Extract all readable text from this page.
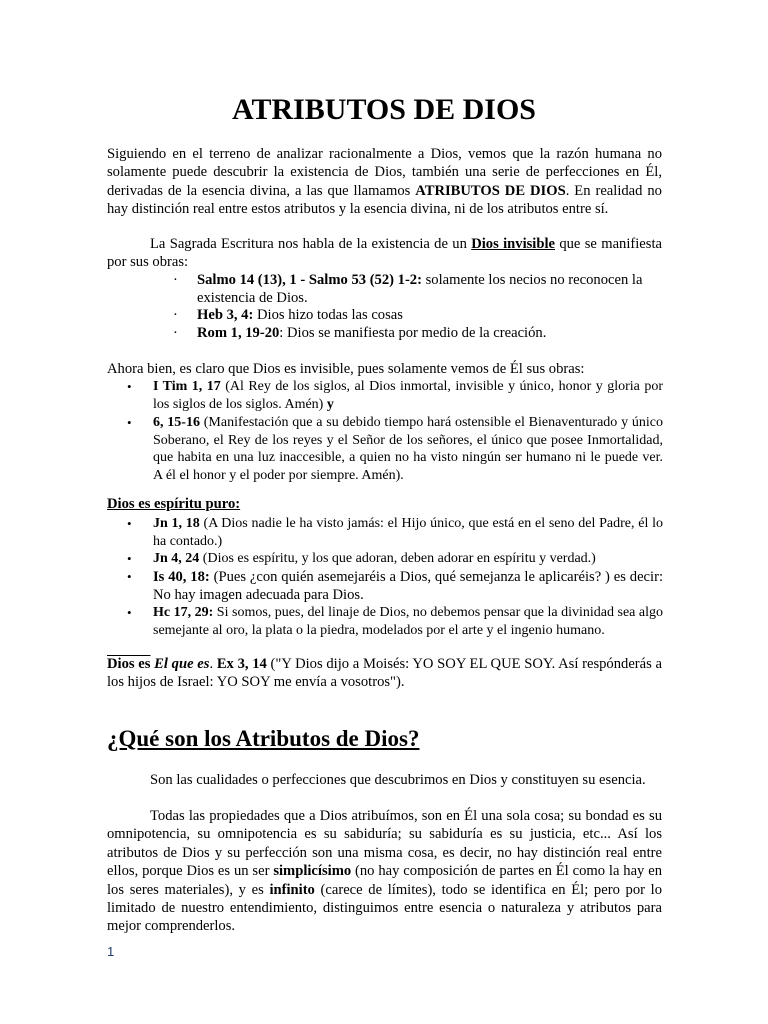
ATRIBUTOS DE DIOS
Siguiendo en el terreno de analizar racionalmente a Dios, vemos que la razón humana no solamente puede descubrir la existencia de Dios, también una serie de perfecciones en Él, derivadas de la esencia divina, a las que llamamos ATRIBUTOS DE DIOS. En realidad no hay distinción real entre estos atributos y la esencia divina, ni de los atributos entre sí.
La Sagrada Escritura nos habla de la existencia de un Dios invisible que se manifiesta por sus obras:
· Salmo 14 (13), 1 - Salmo 53 (52) 1-2: solamente los necios no reconocen la existencia de Dios.
· Heb 3, 4: Dios hizo todas las cosas
· Rom 1, 19-20: Dios se manifiesta por medio de la creación.
Ahora bien, es claro que Dios es invisible, pues solamente vemos de Él sus obras:
• I Tim 1, 17 (Al Rey de los siglos, al Dios inmortal, invisible y único, honor y gloria por los siglos de los siglos. Amén) y
• 6, 15-16 (Manifestación que a su debido tiempo hará ostensible el Bienaventurado y único Soberano, el Rey de los reyes y el Señor de los señores, el único que posee Inmortalidad, que habita en una luz inaccesible, a quien no ha visto ningún ser humano ni le puede ver. A él el honor y el poder por siempre. Amén).
Dios es espíritu puro:
• Jn 1, 18 (A Dios nadie le ha visto jamás: el Hijo único, que está en el seno del Padre, él lo ha contado.)
• Jn 4, 24 (Dios es espíritu, y los que adoran, deben adorar en espíritu y verdad.)
• Is 40, 18: (Pues ¿con quién asemejaréis a Dios, qué semejanza le aplicaréis? ) es decir: No hay imagen adecuada para Dios.
• Hc 17, 29: Si somos, pues, del linaje de Dios, no debemos pensar que la divinidad sea algo semejante al oro, la plata o la piedra, modelados por el arte y el ingenio humano.
Dios es El que es. Ex 3, 14 ("Y Dios dijo a Moisés: YO SOY EL QUE SOY. Así respónderás a los hijos de Israel: YO SOY me envía a vosotros").
¿Qué son los Atributos de Dios?
Son las cualidades o perfecciones que descubrimos en Dios y constituyen su esencia.
Todas las propiedades que a Dios atribuímos, son en Él una sola cosa; su bondad es su omnipotencia, su omnipotencia es su sabiduría; su sabiduría es su justicia, etc... Así los atributos de Dios y su perfección son una misma cosa, es decir, no hay distinción real entre ellos, porque Dios es un ser simplicísimo (no hay composición de partes en Él como la hay en los seres materiales), y es infinito (carece de límites), todo se identifica en Él; pero por lo limitado de nuestro entendimiento, distinguimos entre esencia o naturaleza y atributos para mejor comprenderlos.
1
